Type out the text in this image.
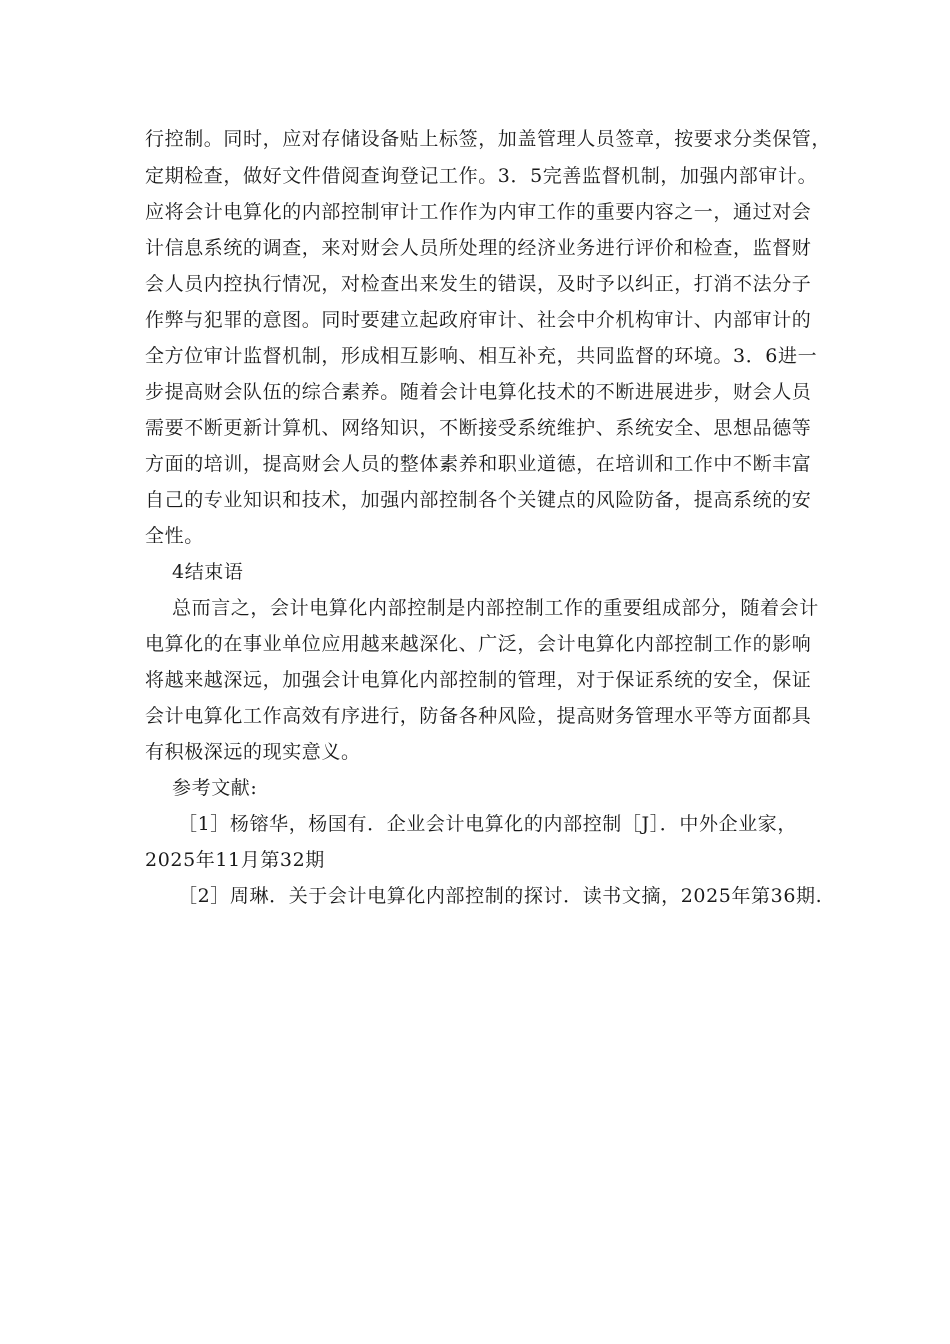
行控制。同时，应对存储设备贴上标签，加盖管理人员签章，按要求分类保管，
定期检查，做好文件借阅查询登记工作。3．5完善监督机制，加强内部审计。
应将会计电算化的内部控制审计工作作为内审工作的重要内容之一，通过对会
计信息系统的调查，来对财会人员所处理的经济业务进行评价和检查，监督财
会人员内控执行情况，对检查出来发生的错误，及时予以纠正，打消不法分子
作弊与犯罪的意图。同时要建立起政府审计、社会中介机构审计、内部审计的
全方位审计监督机制，形成相互影响、相互补充，共同监督的环境。3．6进一
步提高财会队伍的综合素养。随着会计电算化技术的不断进展进步，财会人员
需要不断更新计算机、网络知识，不断接受系统维护、系统安全、思想品德等
方面的培训，提高财会人员的整体素养和职业道德，在培训和工作中不断丰富
自己的专业知识和技术，加强内部控制各个关键点的风险防备，提高系统的安
全性。
4结束语
总而言之，会计电算化内部控制是内部控制工作的重要组成部分，随着会计
电算化的在事业单位应用越来越深化、广泛，会计电算化内部控制工作的影响
将越来越深远，加强会计电算化内部控制的管理，对于保证系统的安全，保证
会计电算化工作高效有序进行，防备各种风险，提高财务管理水平等方面都具
有积极深远的现实意义。
参考文献:
［1］杨镕华，杨国有．企业会计电算化的内部控制［J］．中外企业家，
2025年11月第32期
［2］周琳．关于会计电算化内部控制的探讨．读书文摘，2025年第36期.
